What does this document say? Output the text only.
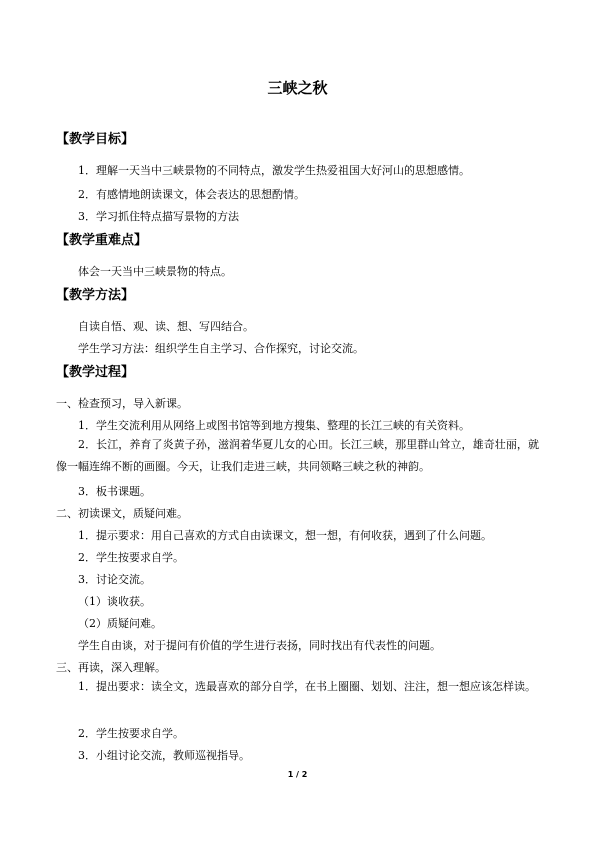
三峡之秋
【教学目标】

1．理解一天当中三峡景物的不同特点，激发学生热爱祖国大好河山的思想感情。

2．有感情地朗读课文，体会表达的思想酌情。

3．学习抓住特点描写景物的方法

【教学重难点】

体会一天当中三峡景物的特点。

【教学方法】

自读自悟、观、读、想、写四结合。

学生学习方法：组织学生自主学习、合作探究，讨论交流。

【教学过程】

一、检查预习，导入新课。

1．学生交流利用从网络上或图书馆等到地方搜集、整理的长江三峡的有关资料。

2．长江，养育了炎黄子孙，滋润着华夏儿女的心田。长江三峡，那里群山耸立，雄奇壮丽，就像一幅连绵不断的画圈。今天，让我们走进三峡，共同领略三峡之秋的神韵。

3．板书课题。

二、初读课文，质疑问难。

1．提示要求：用自己喜欢的方式自由读课文，想一想，有何收获，遇到了什么问题。

2．学生按要求自学。

3．讨论交流。

（1）谈收获。

（2）质疑问难。

学生自由谈，对于提问有价值的学生进行表扬，同时找出有代表性的问题。

三、再读，深入理解。

1．提出要求：读全文，选最喜欢的部分自学，在书上圈圈、划划、注注，想一想应该怎样读。

2．学生按要求自学。

3．小组讨论交流，教师巡视指导。

1 / 2
